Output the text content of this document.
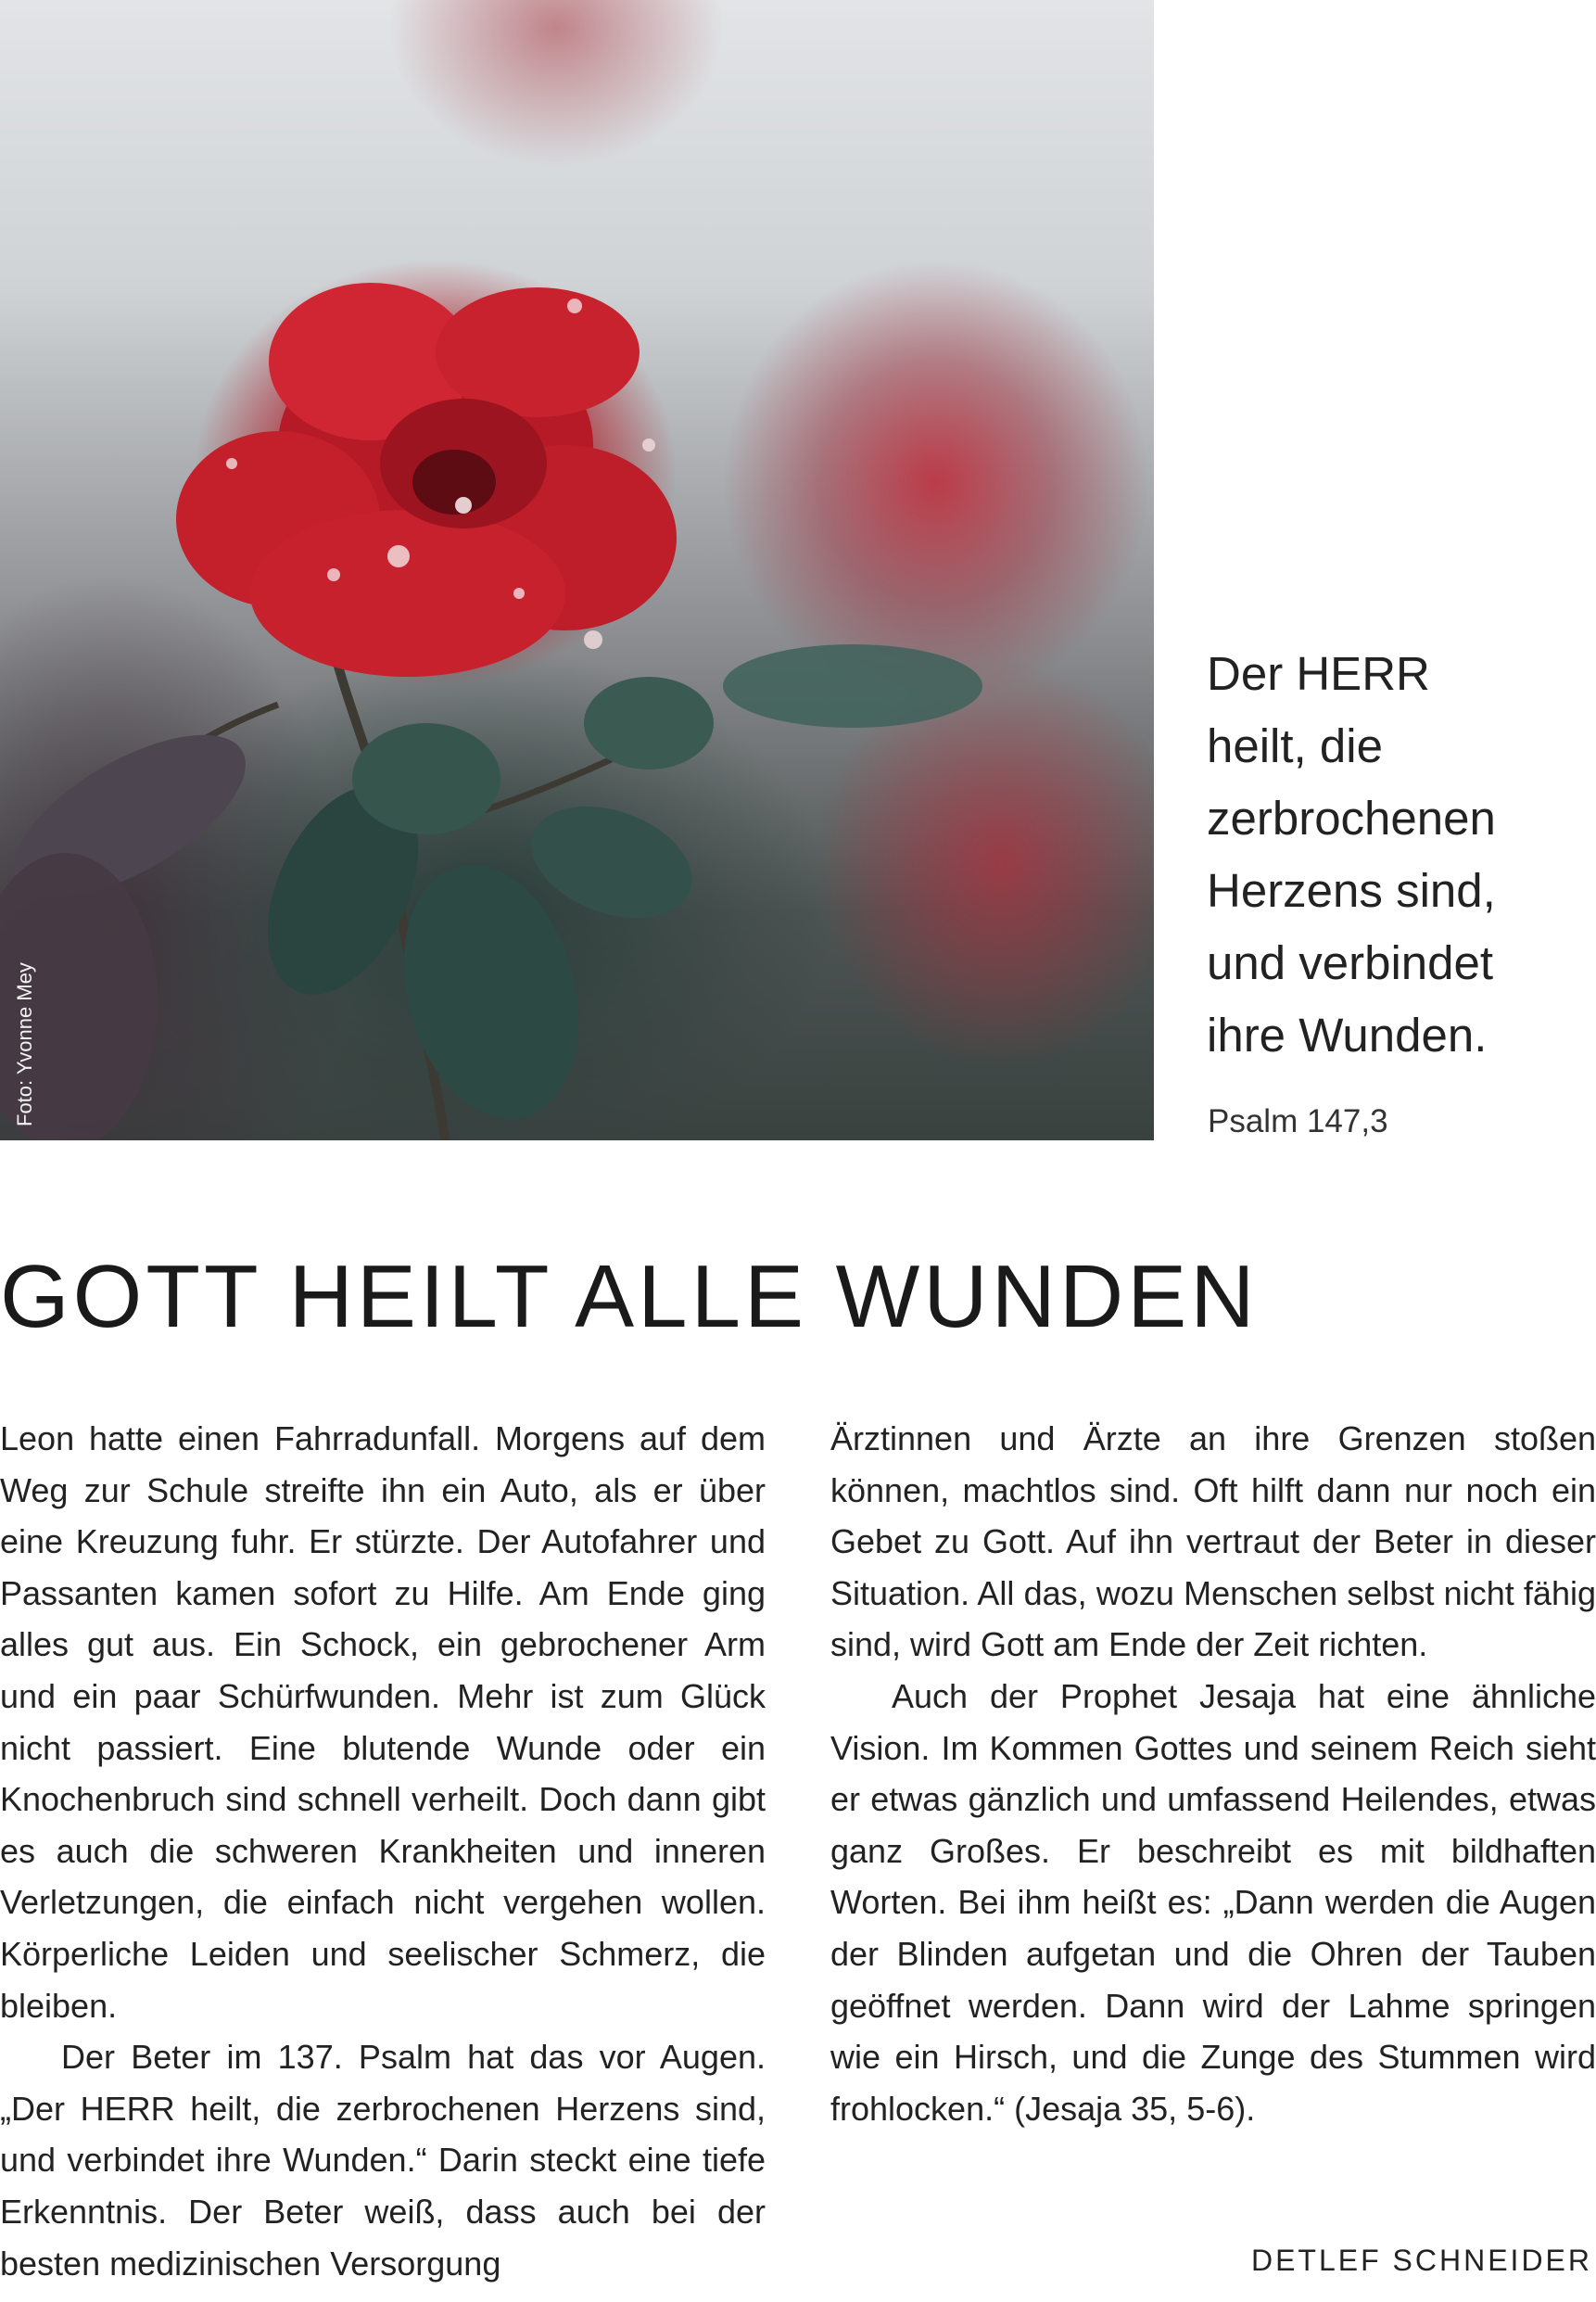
Foto: Yvonne Mey
Der HERR
heilt, die
zerbrochenen
Herzens sind,
und verbindet
ihre Wunden.
Psalm 147,3
GOTT HEILT ALLE WUNDEN

Leon hatte einen Fahrradunfall. Morgens auf dem Weg zur Schule streifte ihn ein Auto, als er über eine Kreuzung fuhr. Er stürzte. Der Autofahrer und Passanten kamen sofort zu Hilfe. Am Ende ging alles gut aus. Ein Schock, ein gebrochener Arm und ein paar Schürfwunden. Mehr ist zum Glück nicht passiert. Eine blutende Wunde oder ein Knochenbruch sind schnell verheilt. Doch dann gibt es auch die schweren Krankheiten und inneren Verletzungen, die einfach nicht vergehen wollen. Körperliche Leiden und seelischer Schmerz, die bleiben.

Der Beter im 137. Psalm hat das vor Augen. „Der HERR heilt, die zerbrochenen Herzens sind, und verbindet ihre Wunden.“ Darin steckt eine tiefe Erkenntnis. Der Beter weiß, dass auch bei der besten medizinischen Versorgung

Ärztinnen und Ärzte an ihre Grenzen stoßen können, machtlos sind. Oft hilft dann nur noch ein Gebet zu Gott. Auf ihn vertraut der Beter in dieser Situation. All das, wozu Menschen selbst nicht fähig sind, wird Gott am Ende der Zeit richten.

Auch der Prophet Jesaja hat eine ähnliche Vision. Im Kommen Gottes und seinem Reich sieht er etwas gänzlich und umfassend Heilendes, etwas ganz Großes. Er beschreibt es mit bildhaften Worten. Bei ihm heißt es: „Dann werden die Augen der Blinden aufgetan und die Ohren der Tauben geöffnet werden. Dann wird der Lahme springen wie ein Hirsch, und die Zunge des Stummen wird frohlocken.“ (Jesaja 35, 5-6).

DETLEF SCHNEIDER
